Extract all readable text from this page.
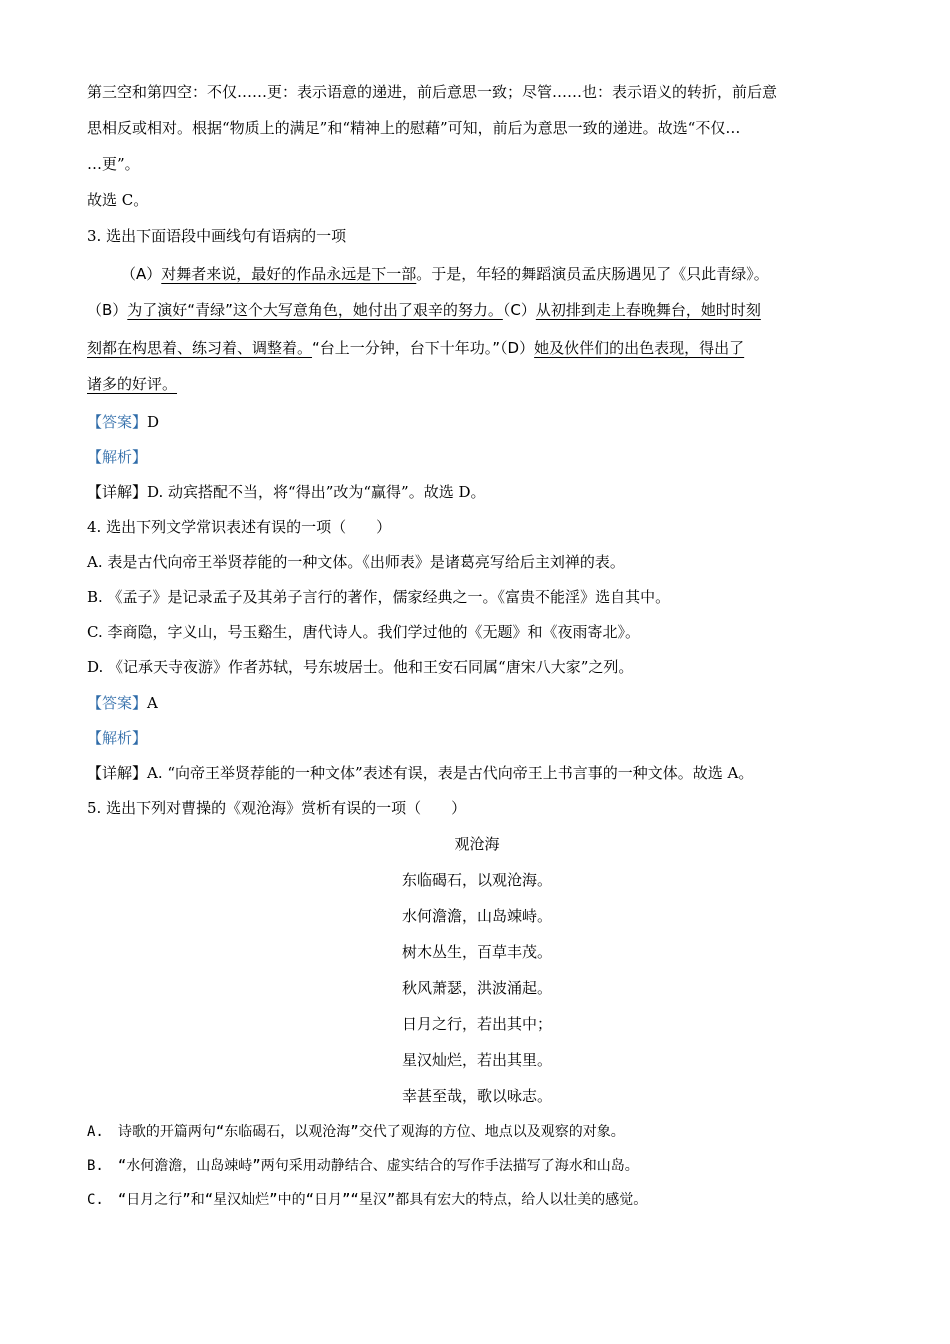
第三空和第四空：不仅……更：表示语意的递进，前后意思一致；尽管……也：表示语义的转折，前后意
思相反或相对。根据“物质上的满足”和“精神上的慰藉”可知，前后为意思一致的递进。故选“不仅…
…更”。
故选 C。
3. 选出下面语段中画线句有语病的一项
（A）对舞者来说，最好的作品永远是下一部。于是，年轻的舞蹈演员孟庆肠遇见了《只此青绿》。
（B）为了演好“青绿”这个大写意角色，她付出了艰辛的努力。（C）从初排到走上春晚舞台，她时时刻
刻都在构思着、练习着、调整着。“台上一分钟，台下十年功。”（D）她及伙伴们的出色表现，得出了
诸多的好评。
【答案】D
【解析】
【详解】D. 动宾搭配不当，将“得出”改为“赢得”。故选 D。
4. 选出下列文学常识表述有误的一项（　　）
A. 表是古代向帝王举贤荐能的一种文体。《出师表》是诸葛亮写给后主刘禅的表。
B. 《孟子》是记录孟子及其弟子言行的著作，儒家经典之一。《富贵不能淫》选自其中。
C. 李商隐，字义山，号玉谿生，唐代诗人。我们学过他的《无题》和《夜雨寄北》。
D. 《记承天寺夜游》作者苏轼，号东坡居士。他和王安石同属“唐宋八大家”之列。
【答案】A
【解析】
【详解】A. “向帝王举贤荐能的一种文体”表述有误，表是古代向帝王上书言事的一种文体。故选 A。
5. 选出下列对曹操的《观沧海》赏析有误的一项（　　）
观沧海
东临碣石，以观沧海。
水何澹澹，山岛竦峙。
树木丛生，百草丰茂。
秋风萧瑟，洪波涌起。
日月之行，若出其中；
星汉灿烂，若出其里。
幸甚至哉，歌以咏志。
A.　诗歌的开篇两句“东临碣石，以观沧海”交代了观海的方位、地点以及观察的对象。
B.　“水何澹澹，山岛竦峙”两句采用动静结合、虚实结合的写作手法描写了海水和山岛。
C.　“日月之行”和“星汉灿烂”中的“日月”“星汉”都具有宏大的特点，给人以壮美的感觉。
